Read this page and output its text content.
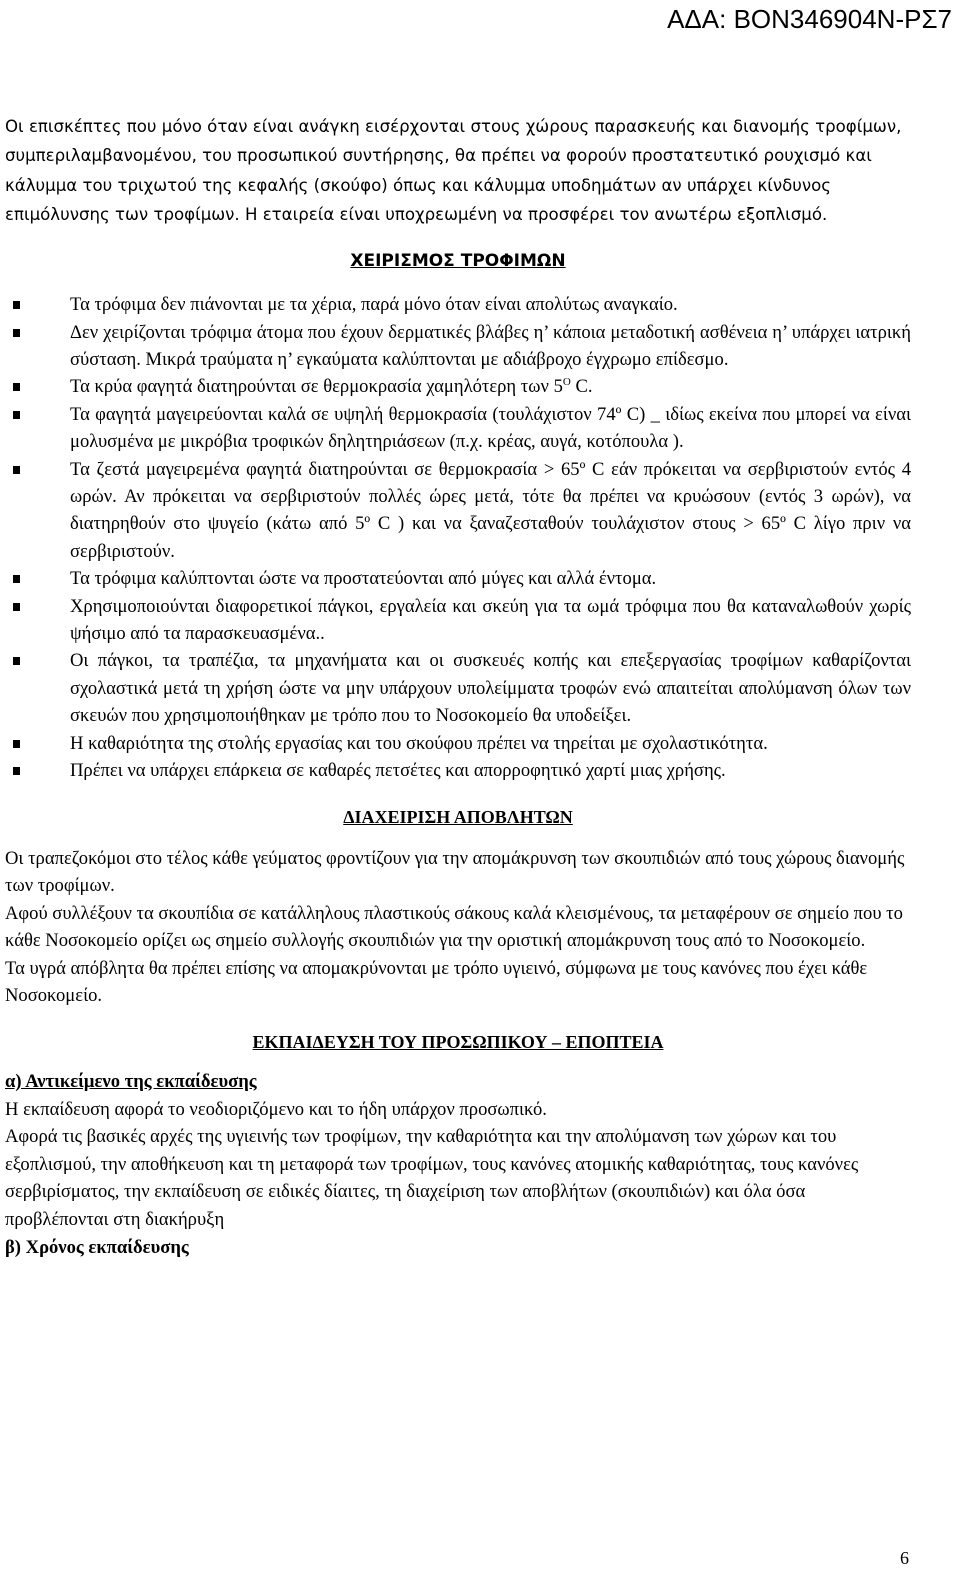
ΑΔΑ: ΒΟΝ346904Ν-ΡΣ7

Οι επισκέπτες που μόνο όταν είναι ανάγκη εισέρχονται στους χώρους παρασκευής και διανομής τροφίμων, συμπεριλαμβανομένου, του προσωπικού συντήρησης, θα πρέπει να φορούν προστατευτικό ρουχισμό και κάλυμμα του τριχωτού της κεφαλής (σκούφο) όπως και κάλυμμα υποδημάτων αν υπάρχει κίνδυνος επιμόλυνσης των τροφίμων. Η εταιρεία είναι υποχρεωμένη να προσφέρει τον ανωτέρω εξοπλισμό.

ΧΕΙΡΙΣΜΟΣ ΤΡΟΦΙΜΩΝ

Τα τρόφιμα δεν πιάνονται με τα χέρια, παρά μόνο όταν είναι απολύτως αναγκαίο.
Δεν χειρίζονται τρόφιμα άτομα που έχουν δερματικές βλάβες η’ κάποια μεταδοτική ασθένεια η’ υπάρχει ιατρική σύσταση. Μικρά τραύματα η’ εγκαύματα καλύπτονται με αδιάβροχο έγχρωμο επίδεσμο.
Τα κρύα φαγητά διατηρούνται σε θερμοκρασία χαμηλότερη των $5^O$ C.
Τα φαγητά μαγειρεύονται καλά σε υψηλή θερμοκρασία (τουλάχιστον 74º C) _ ιδίως εκείνα που μπορεί να είναι μολυσμένα με μικρόβια τροφικών δηλητηριάσεων (π.χ. κρέας, αυγά, κοτόπουλα ).
Τα ζεστά μαγειρεμένα φαγητά διατηρούνται σε θερμοκρασία > 65º C εάν πρόκειται να σερβιριστούν εντός 4 ωρών. Αν πρόκειται να σερβιριστούν πολλές ώρες μετά, τότε θα πρέπει να κρυώσουν (εντός 3 ωρών), να διατηρηθούν στο ψυγείο (κάτω από 5º C ) και να ξαναζεσταθούν τουλάχιστον στους > 65º C λίγο πριν να σερβιριστούν.
Τα τρόφιμα καλύπτονται ώστε να προστατεύονται από μύγες και αλλά έντομα.
Χρησιμοποιούνται διαφορετικοί πάγκοι, εργαλεία και σκεύη για τα ωμά τρόφιμα που θα καταναλωθούν χωρίς ψήσιμο από τα παρασκευασμένα..
Οι πάγκοι, τα τραπέζια, τα μηχανήματα και οι συσκευές κοπής και επεξεργασίας τροφίμων καθαρίζονται σχολαστικά μετά τη χρήση ώστε να μην υπάρχουν υπολείμματα τροφών ενώ απαιτείται απολύμανση όλων των σκευών που χρησιμοποιήθηκαν με τρόπο που το Νοσοκομείο θα υποδείξει.
Η καθαριότητα της στολής εργασίας και του σκούφου πρέπει να τηρείται με σχολαστικότητα.
Πρέπει να υπάρχει επάρκεια σε καθαρές πετσέτες και απορροφητικό χαρτί μιας χρήσης.

ΔΙΑΧΕΙΡΙΣΗ ΑΠΟΒΛΗΤΩΝ

Οι τραπεζοκόμοι στο τέλος κάθε γεύματος φροντίζουν για την απομάκρυνση των σκουπιδιών από τους χώρους διανομής των τροφίμων.

Αφού συλλέξουν τα σκουπίδια σε κατάλληλους πλαστικούς σάκους καλά κλεισμένους, τα μεταφέρουν σε σημείο που το κάθε Νοσοκομείο ορίζει ως σημείο συλλογής σκουπιδιών για την οριστική απομάκρυνση τους από το Νοσοκομείο.

Τα υγρά απόβλητα θα πρέπει επίσης να απομακρύνονται με τρόπο υγιεινό, σύμφωνα με τους κανόνες που έχει κάθε Νοσοκομείο.

ΕΚΠΑΙΔΕΥΣΗ ΤΟΥ ΠΡΟΣΩΠΙΚΟΥ – ΕΠΟΠΤΕΙΑ

α) Αντικείμενο της εκπαίδευσης

Η εκπαίδευση αφορά το νεοδιοριζόμενο και το ήδη υπάρχον προσωπικό.

Αφορά τις βασικές αρχές της υγιεινής των τροφίμων, την καθαριότητα και την απολύμανση των χώρων και του εξοπλισμού, την αποθήκευση και τη μεταφορά των τροφίμων, τους κανόνες ατομικής καθαριότητας, τους κανόνες σερβιρίσματος, την εκπαίδευση σε ειδικές δίαιτες, τη διαχείριση των αποβλήτων (σκουπιδιών) και όλα όσα προβλέπονται στη διακήρυξη

β) Χρόνος εκπαίδευσης

6
